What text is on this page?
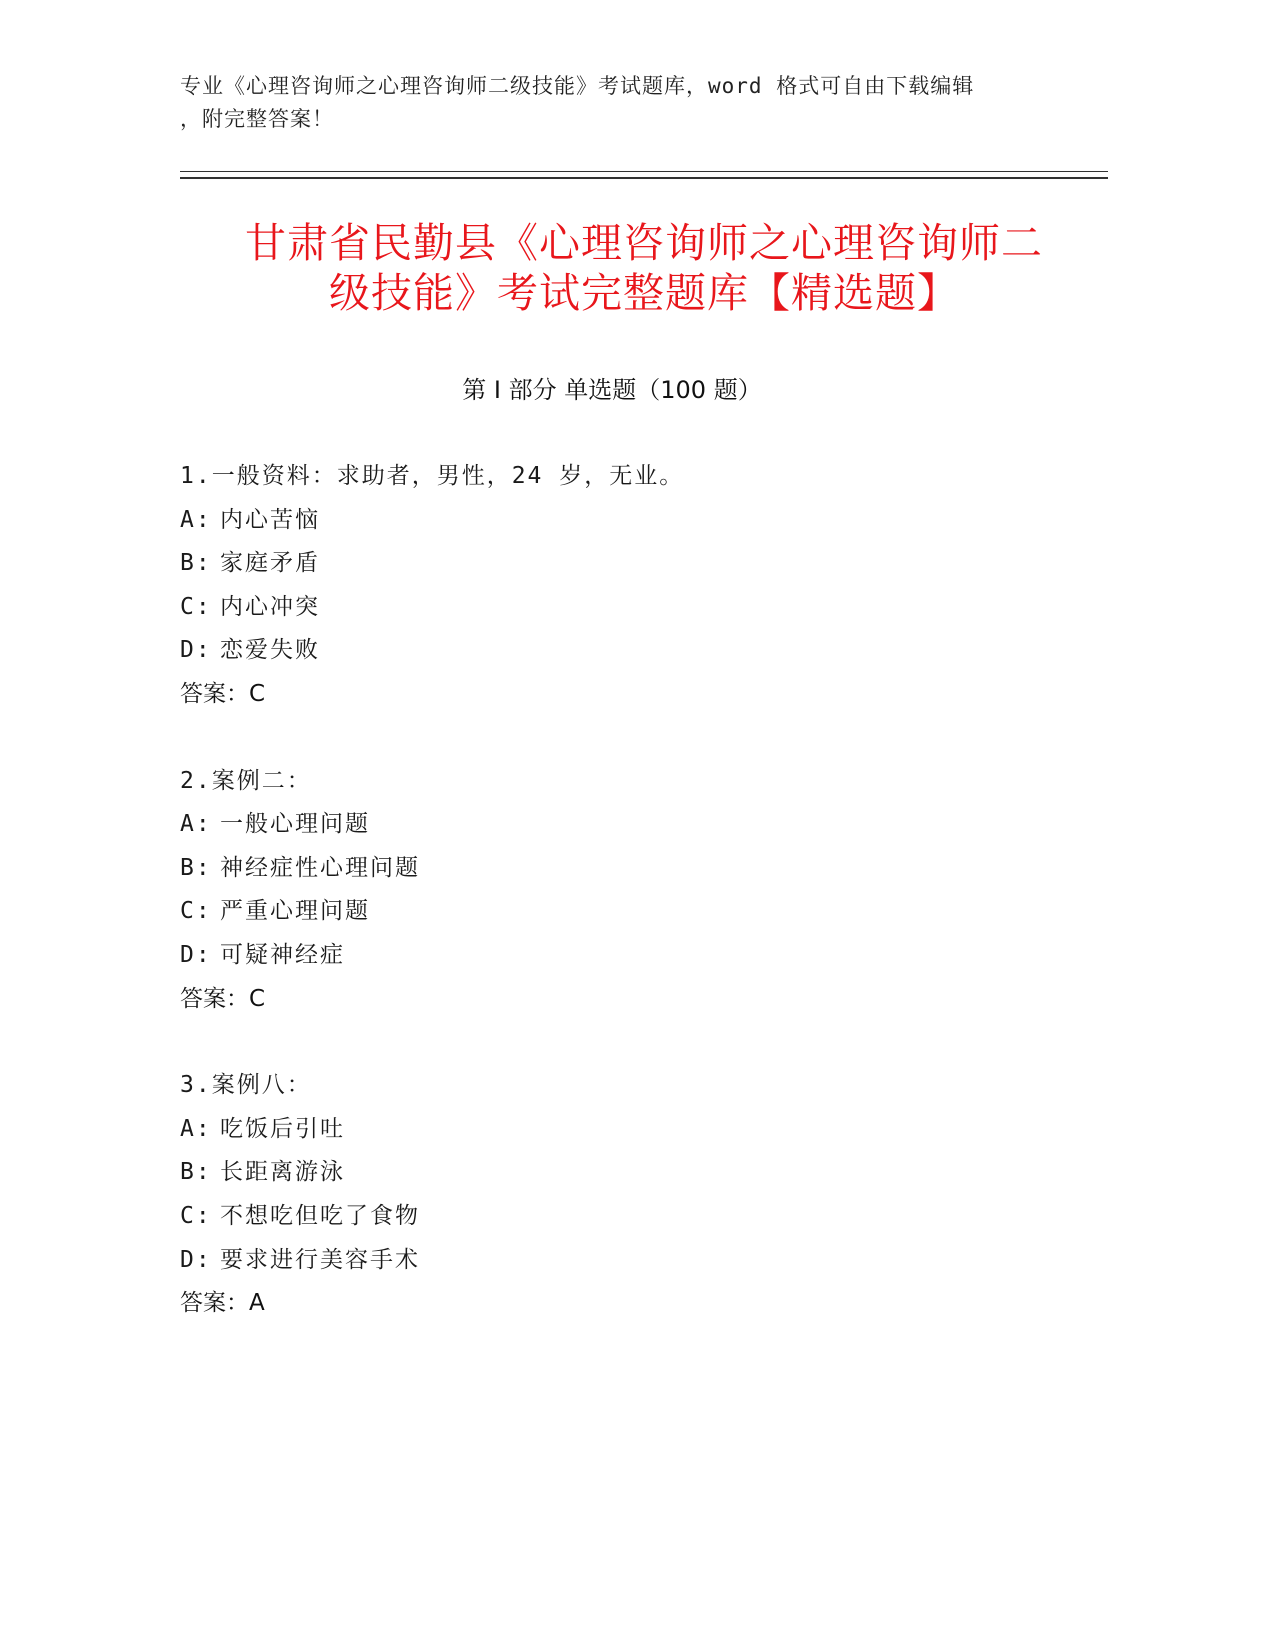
专业《心理咨询师之心理咨询师二级技能》考试题库，word 格式可自由下载编辑
，附完整答案！
甘肃省民勤县《心理咨询师之心理咨询师二
级技能》考试完整题库【精选题】
第 I 部分 单选题（100 题）
1.一般资料：求助者，男性，24 岁，无业。
A: 内心苦恼
B: 家庭矛盾
C: 内心冲突
D: 恋爱失败
答案：C
2.案例二：
A: 一般心理问题
B: 神经症性心理问题
C: 严重心理问题
D: 可疑神经症
答案：C
3.案例八：
A: 吃饭后引吐
B: 长距离游泳
C: 不想吃但吃了食物
D: 要求进行美容手术
答案：A
